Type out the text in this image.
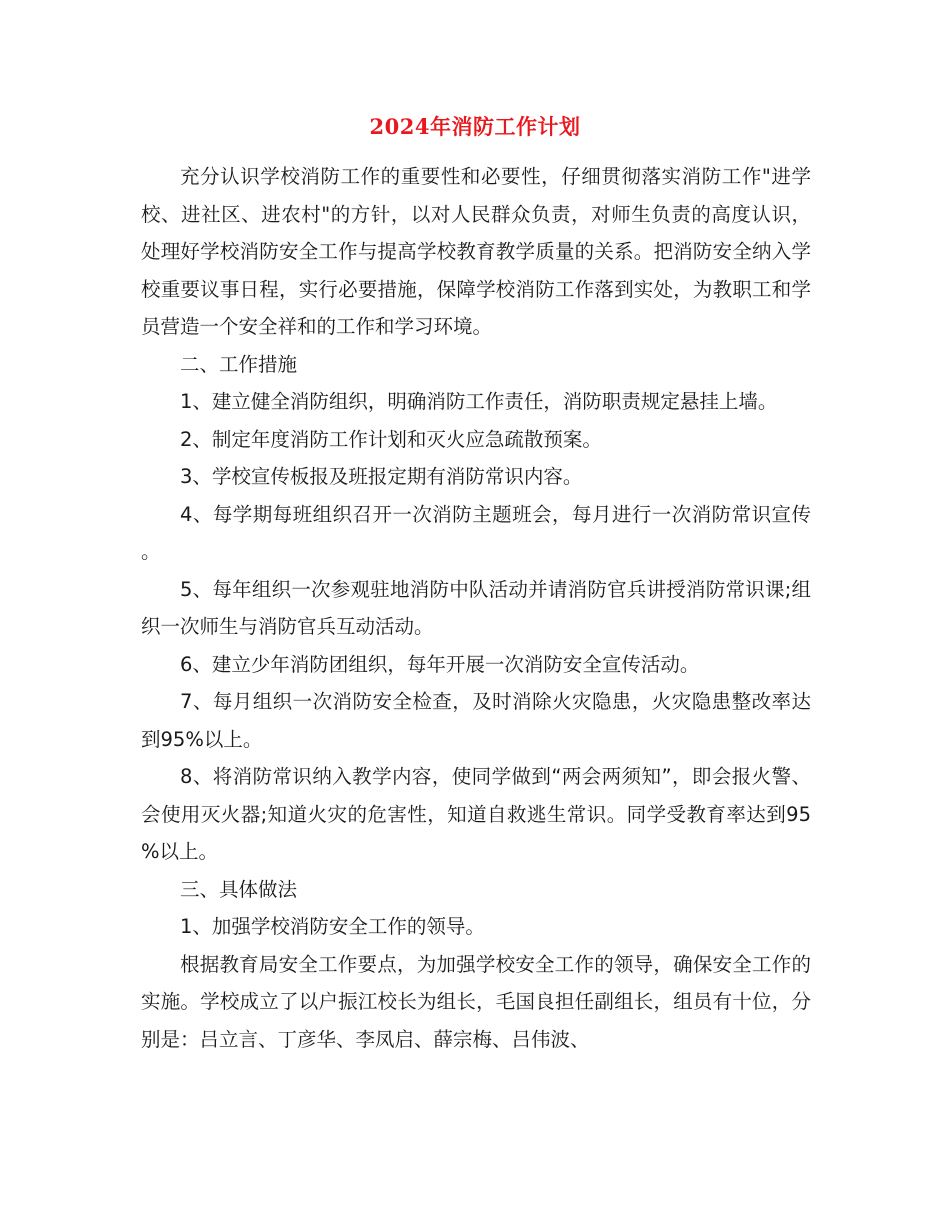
2024年消防工作计划

充分认识学校消防工作的重要性和必要性，仔细贯彻落实消防工作"进学校、进社区、进农村"的方针，以对人民群众负责，对师生负责的高度认识，处理好学校消防安全工作与提高学校教育教学质量的关系。把消防安全纳入学校重要议事日程，实行必要措施，保障学校消防工作落到实处，为教职工和学员营造一个安全祥和的工作和学习环境。

二、工作措施

1、建立健全消防组织，明确消防工作责任，消防职责规定悬挂上墙。

2、制定年度消防工作计划和灭火应急疏散预案。

3、学校宣传板报及班报定期有消防常识内容。

4、每学期每班组织召开一次消防主题班会，每月进行一次消防常识宣传。

5、每年组织一次参观驻地消防中队活动并请消防官兵讲授消防常识课;组织一次师生与消防官兵互动活动。

6、建立少年消防团组织，每年开展一次消防安全宣传活动。

7、每月组织一次消防安全检查，及时消除火灾隐患，火灾隐患整改率达到95%以上。

8、将消防常识纳入教学内容，使同学做到“两会两须知”，即会报火警、会使用灭火器;知道火灾的危害性，知道自救逃生常识。同学受教育率达到95%以上。

三、具体做法

1、加强学校消防安全工作的领导。

根据教育局安全工作要点，为加强学校安全工作的领导，确保安全工作的实施。学校成立了以户振江校长为组长，毛国良担任副组长，组员有十位，分别是：吕立言、丁彦华、李凤启、薛宗梅、吕伟波、
